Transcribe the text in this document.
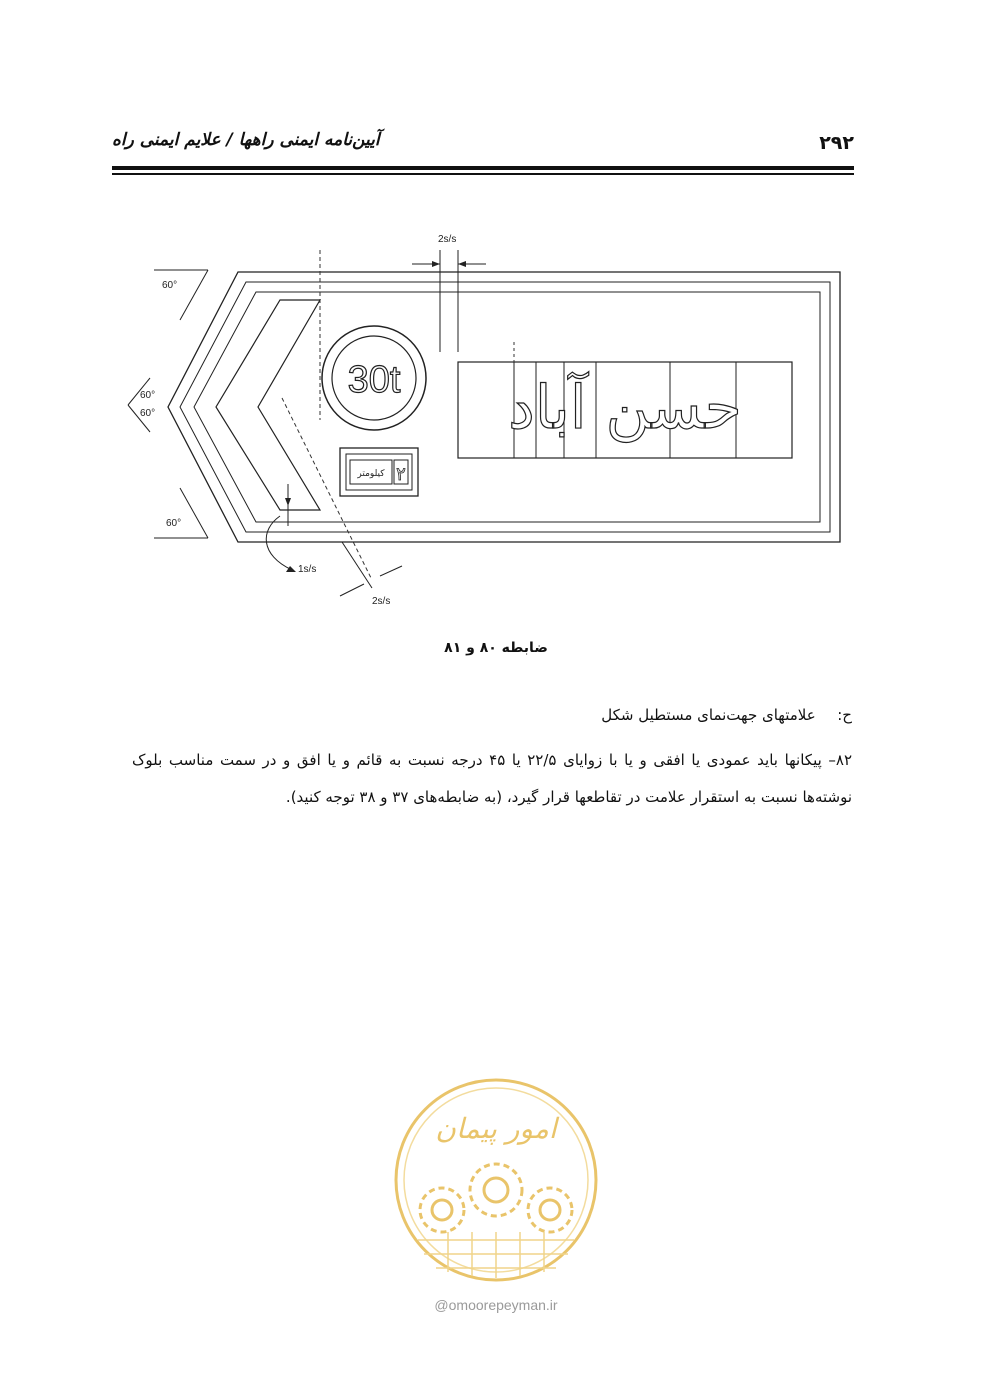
۲۹۲
آیین‌نامه ایمنی راهها / علایم ایمنی راه
2s/s
60°
60°
60°
60°
1s/s
2s/s
30t
کیلومتر ۲
حسن آباد
ضابطه ۸۰ و ۸۱
ح:  علامتهای جهت‌نمای مستطیل شکل
۸۲– پیکانها باید عمودی یا افقی و یا با زوایای ۲۲/۵ یا ۴۵ درجه نسبت به قائم و یا افق و در سمت مناسب بلوک نوشته‌ها نسبت به استقرار علامت در تقاطعها قرار گیرد، (به ضابطه‌های ۳۷ و ۳۸ توجه کنید).
امور پیمان
@omoorepeyman.ir
